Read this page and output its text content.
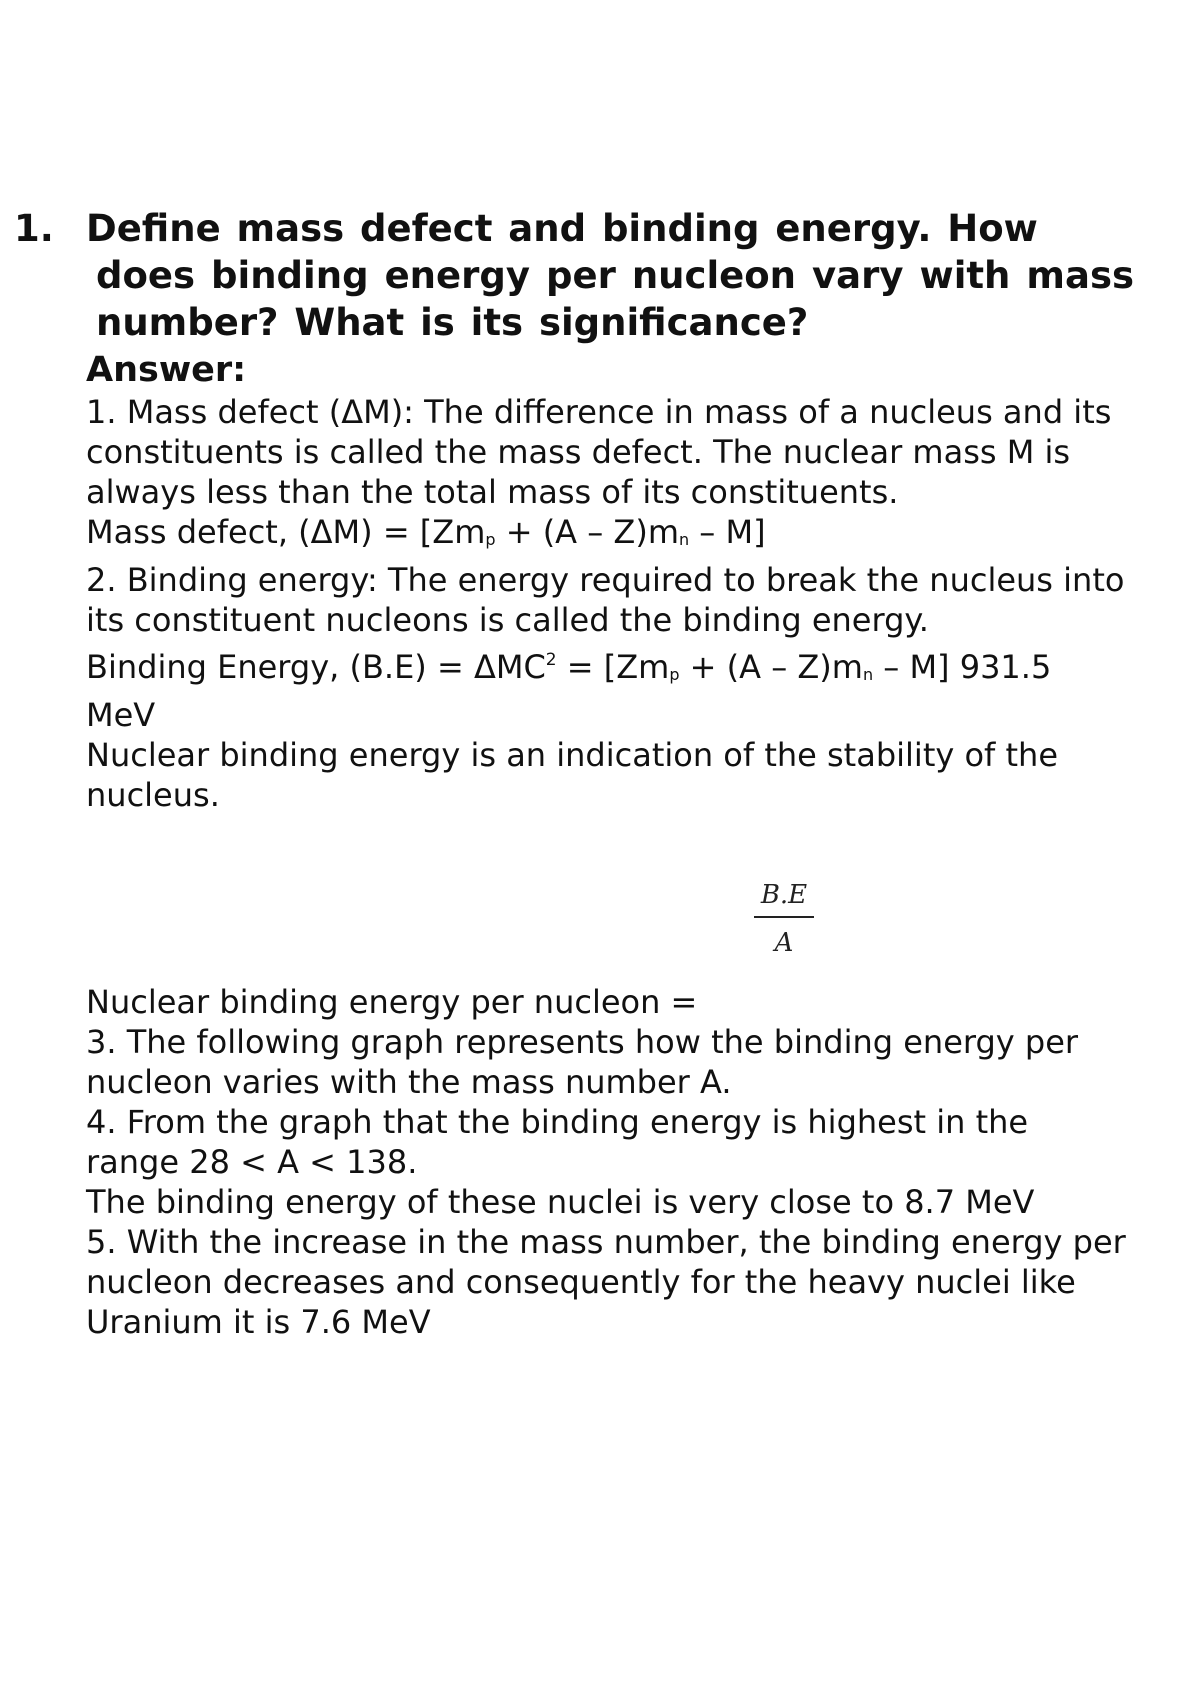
1. Define mass defect and binding energy. How
does binding energy per nucleon vary with mass number? What is its significance?
Answer:

1. Mass defect (ΔM): The difference in mass of a nucleus and its constituents is called the mass defect. The nuclear mass M is always less than the total mass of its constituents.

Mass defect, (ΔM) = [Zmp + (A – Z)mn – M]

2. Binding energy: The energy required to break the nucleus into its constituent nucleons is called the binding energy.

Binding Energy, $(B.E) = \Delta MC^2 = [Zmp + (A - Z)mn - M]$ 931.5 MeV

Nuclear binding energy is an indication of the stability of the nucleus.

B.E
A

Nuclear binding energy per nucleon =

3. The following graph represents how the binding energy per nucleon varies with the mass number A.

4. From the graph that the binding energy is highest in the range 28 < A < 138.

The binding energy of these nuclei is very close to 8.7 MeV

5. With the increase in the mass number, the binding energy per nucleon decreases and consequently for the heavy nuclei like Uranium it is 7.6 MeV
